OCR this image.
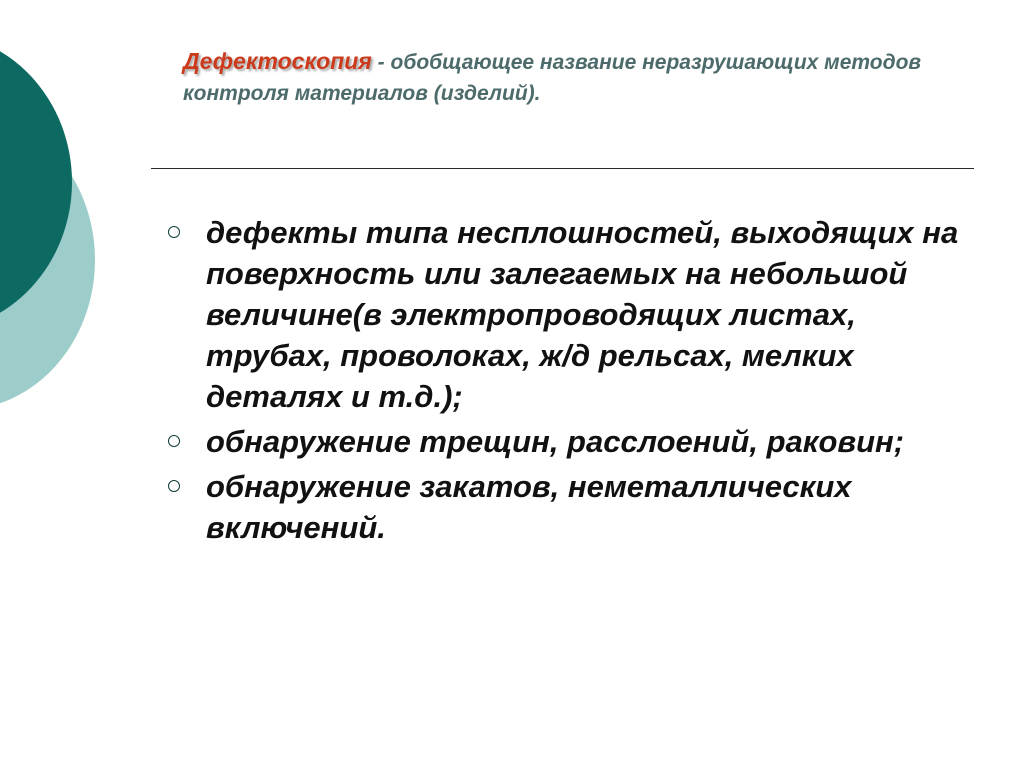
Дефектоскопия - обобщающее название неразрушающих методов контроля материалов (изделий).
дефекты типа несплошностей, выходящих на поверхность или залегаемых на небольшой величине(в электропроводящих листах, трубах, проволоках, ж/д рельсах, мелких деталях и т.д.);
обнаружение трещин, расслоений, раковин;
обнаружение закатов, неметаллических включений.
